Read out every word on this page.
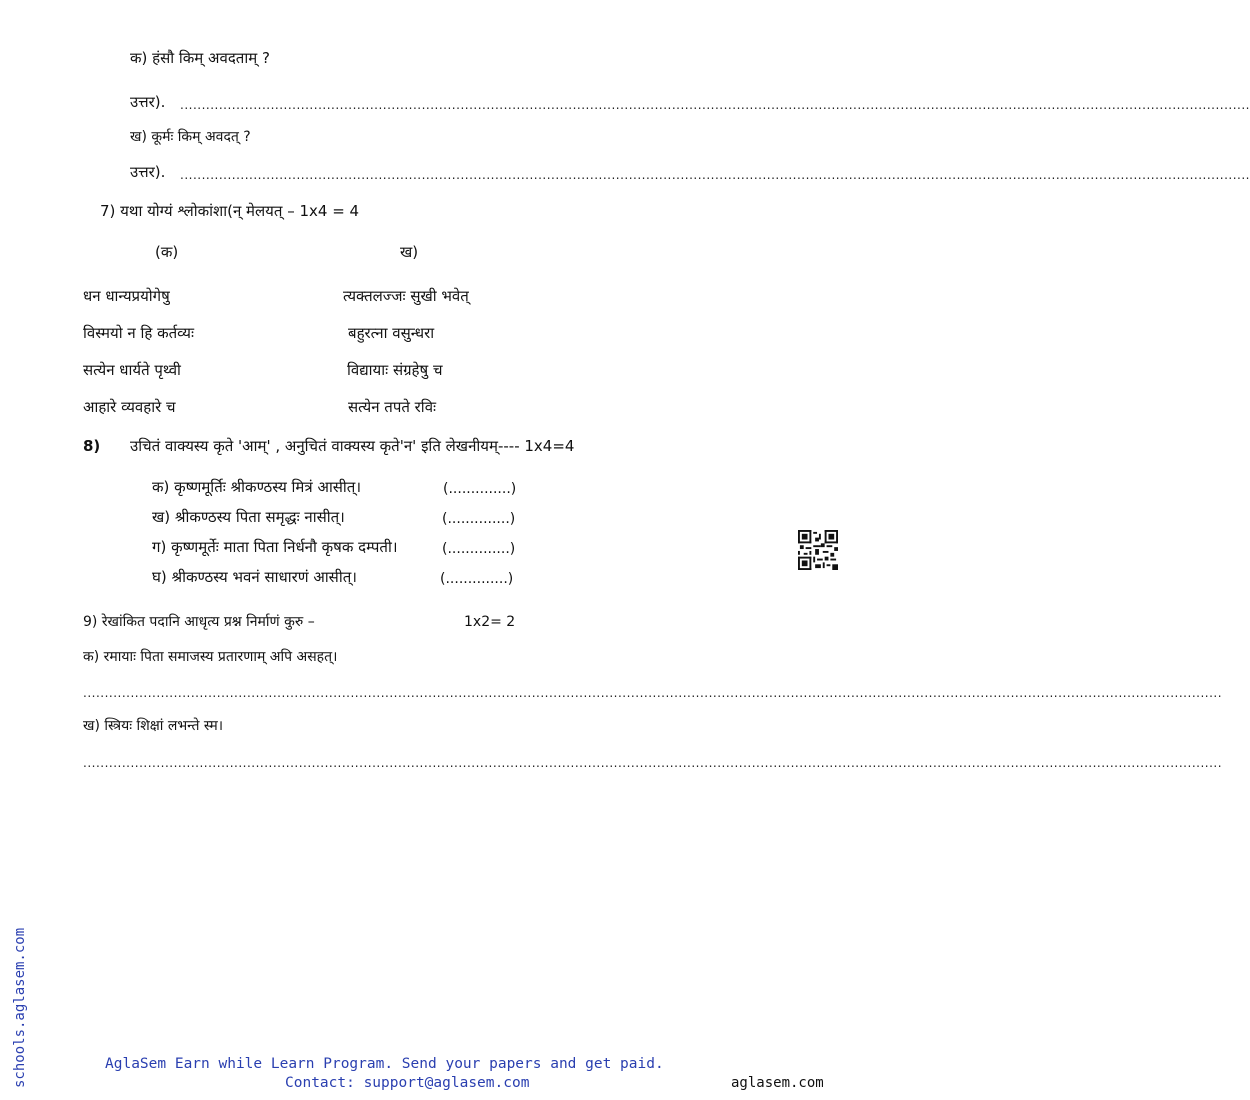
क) हंसौ किम् अवदताम् ?
उत्तर). ........................................................................................................................................................................................................................................................
ख) कूर्मः किम् अवदत् ?
उत्तर). ........................................................................................................................................................................................................................................................
7) यथा योग्यं श्लोकांशा(न् मेलयत् – 1x4 = 4
(क)	ख)
धन धान्यप्रयोगेषु	त्यक्तलज्जः सुखी भवेत्
विस्मयो न हि कर्तव्यः	बहुरत्ना वसुन्धरा
सत्येन धार्यते पृथ्वी	विद्यायाः संग्रहेषु च
आहारे व्यवहारे च	सत्येन तपते रविः
8) उचितं वाक्यस्य कृते 'आम्' , अनुचितं वाक्यस्य कृते'न' इति लेखनीयम्---- 1x4=4
क) कृष्णमूर्तिः श्रीकण्ठस्य मित्रं आसीत्।	(..............)
ख) श्रीकण्ठस्य पिता समृद्धः नासीत्।	(..............)
ग) कृष्णमूर्तेः माता पिता निर्धनौ कृषक दम्पती।	(..............)
घ) श्रीकण्ठस्य भवनं साधारणं आसीत्।	(..............)
9) रेखांकित पदानि आधृत्य प्रश्न निर्माणं कुरु –	1x2= 2
क) रमायाः पिता समाजस्य प्रतारणाम् अपि असहत्।
........................................................................................................................................................................................................................................................................
ख) स्त्रियः शिक्षां लभन्ते स्म।
........................................................................................................................................................................................................................................................................
AglaSem Earn while Learn Program. Send your papers and get paid.
Contact: support@aglasem.com	aglasem.com
schools.aglasem.com
